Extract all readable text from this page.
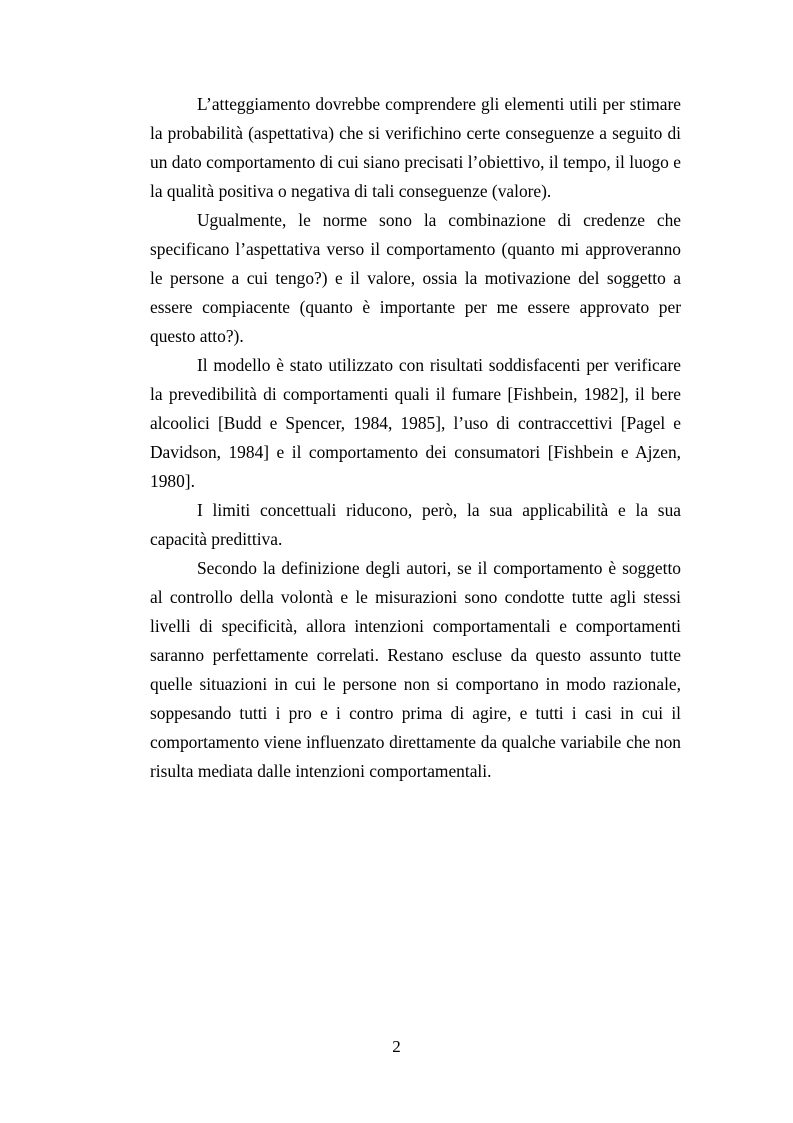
L’atteggiamento dovrebbe comprendere gli elementi utili per stimare la probabilità (aspettativa) che si verifichino certe conseguenze a seguito di un dato comportamento di cui siano precisati l’obiettivo, il tempo, il luogo e la qualità positiva o negativa di tali conseguenze (valore).

Ugualmente, le norme sono la combinazione di credenze che specificano l’aspettativa verso il comportamento (quanto mi approveranno le persone a cui tengo?) e il valore, ossia la motivazione del soggetto a essere compiacente (quanto è importante per me essere approvato per questo atto?).

Il modello è stato utilizzato con risultati soddisfacenti per verificare la prevedibilità di comportamenti quali il fumare [Fishbein, 1982], il bere alcoolici [Budd e Spencer, 1984, 1985], l’uso di contraccettivi [Pagel e Davidson, 1984] e il comportamento dei consumatori [Fishbein e Ajzen, 1980].

I limiti concettuali riducono, però, la sua applicabilità e la sua capacità predittiva.

Secondo la definizione degli autori, se il comportamento è soggetto al controllo della volontà e le misurazioni sono condotte tutte agli stessi livelli di specificità, allora intenzioni comportamentali e comportamenti saranno perfettamente correlati. Restano escluse da questo assunto tutte quelle situazioni in cui le persone non si comportano in modo razionale, soppesando tutti i pro e i contro prima di agire, e tutti i casi in cui il comportamento viene influenzato direttamente da qualche variabile che non risulta mediata dalle intenzioni comportamentali.

2
